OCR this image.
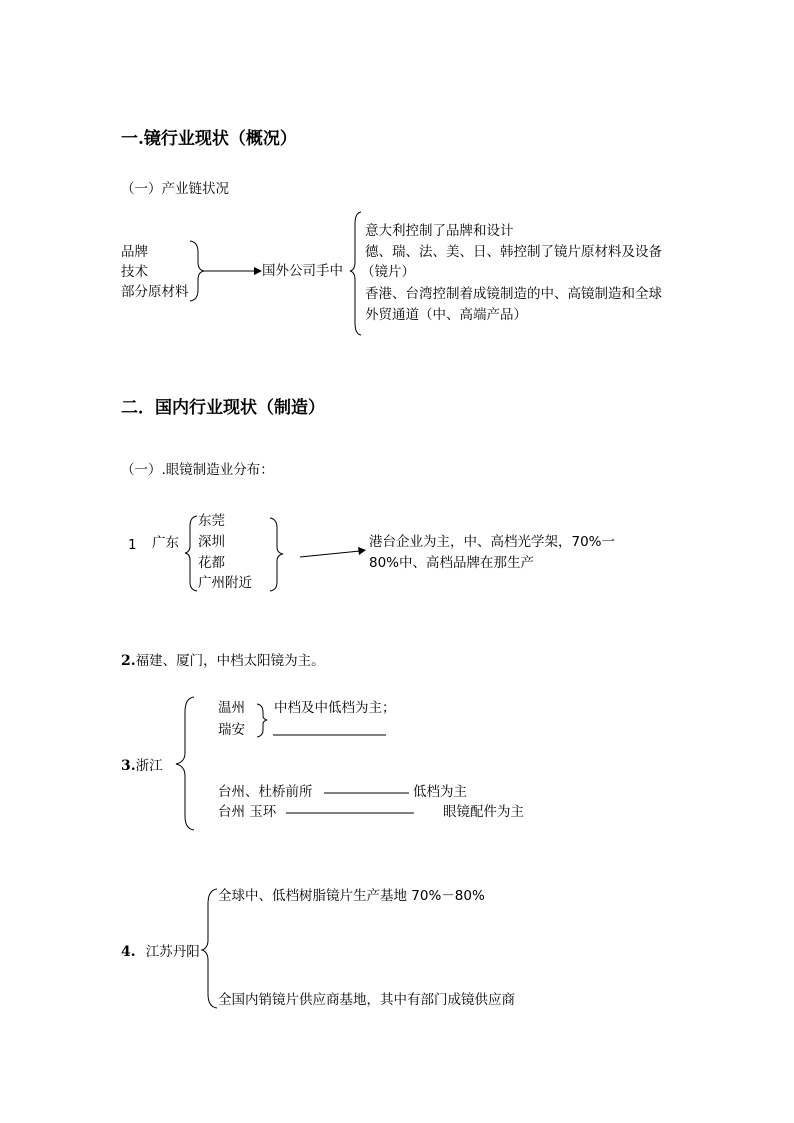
一.镜行业现状（概况）
（一）产业链状况
品牌
技术
部分原材料
国外公司手中
意大利控制了品牌和设计
德、瑞、法、美、日、韩控制了镜片原材料及设备
（镜片）
香港、台湾控制着成镜制造的中、高镜制造和全球
外贸通道（中、高端产品）
二．国内行业现状（制造）
（一）.眼镜制造业分布：
1 广东
东莞
深圳
花都
广州附近
港台企业为主，中、高档光学架，70%一
80%中、高档品牌在那生产
2.福建、厦门，中档太阳镜为主。
3.浙江
温州
瑞安
中档及中低档为主；
台州、杜桥前所	低档为主
台州 玉环	眼镜配件为主
4. 江苏丹阳
全球中、低档树脂镜片生产基地 70%－80%
全国内销镜片供应商基地，其中有部门成镜供应商
